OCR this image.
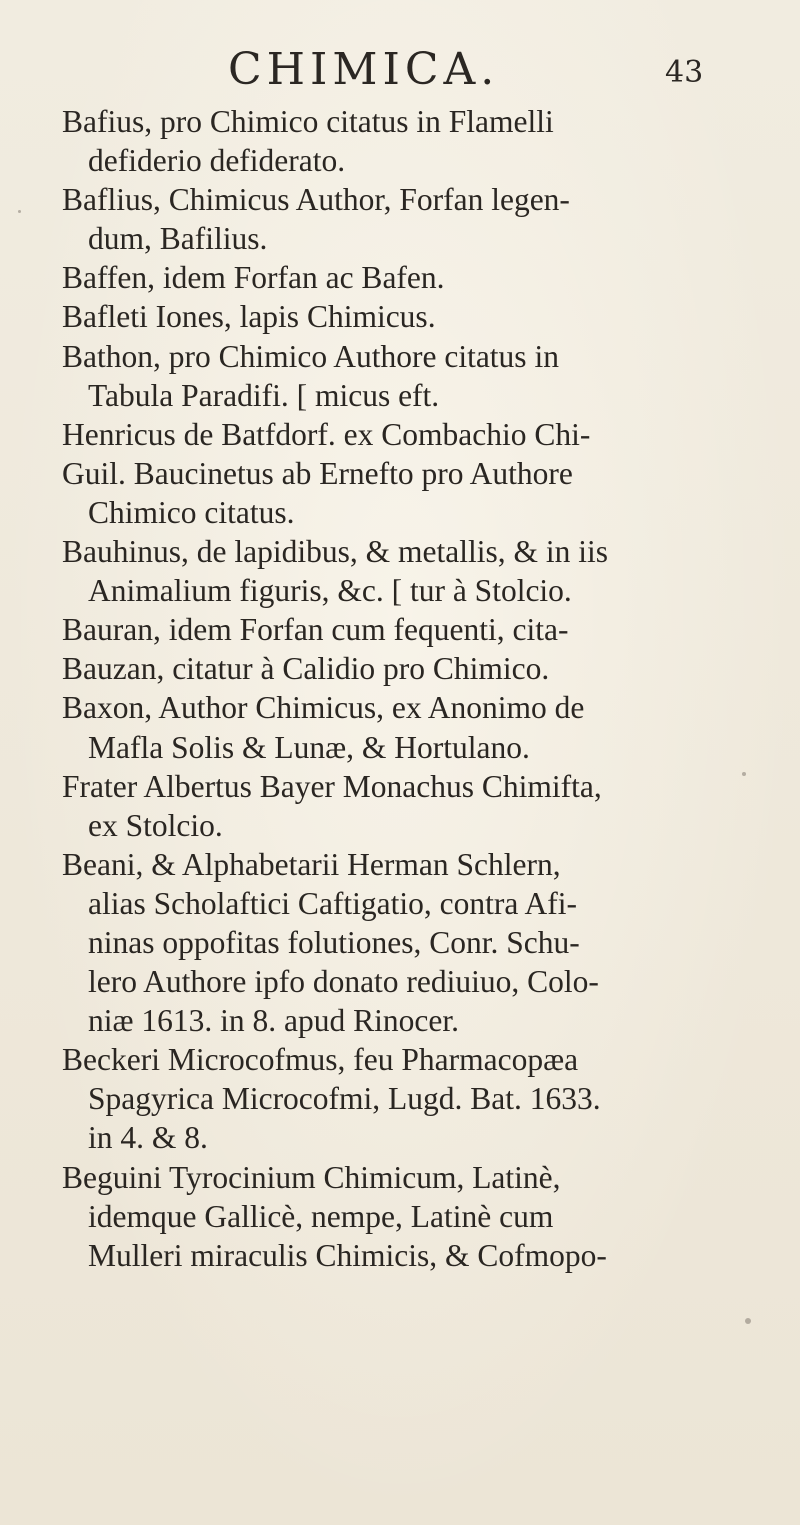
CHIMICA.	43
Bafius, pro Chimico citatus in Flamelli
defiderio defiderato.
Baflius, Chimicus Author, Forfan legen-
dum, Bafilius.
Baffen, idem Forfan ac Bafen.
Bafleti Iones, lapis Chimicus.
Bathon, pro Chimico Authore citatus in
Tabula Paradifi. [ micus eft.
Henricus de Batfdorf. ex Combachio Chi-
Guil. Baucinetus ab Ernefto pro Authore
Chimico citatus.
Bauhinus, de lapidibus, & metallis, & in iis
Animalium figuris, &c. [ tur à Stolcio.
Bauran, idem Forfan cum fequenti, cita-
Bauzan, citatur à Calidio pro Chimico.
Baxon, Author Chimicus, ex Anonimo de
Mafla Solis & Lunæ, & Hortulano.
Frater Albertus Bayer Monachus Chimifta,
ex Stolcio.
Beani, & Alphabetarii Herman Schlern,
alias Scholaftici Caftigatio, contra Afi-
ninas oppofitas folutiones, Conr. Schu-
lero Authore ipfo donato rediuiuo, Colo-
niæ 1613. in 8. apud Rinocer.
Beckeri Microcofmus, feu Pharmacopæa
Spagyrica Microcofmi, Lugd. Bat. 1633.
in 4. & 8.
Beguini Tyrocinium Chimicum, Latinè,
idemque Gallicè, nempe, Latinè cum
Mulleri miraculis Chimicis, & Cofmopo-
